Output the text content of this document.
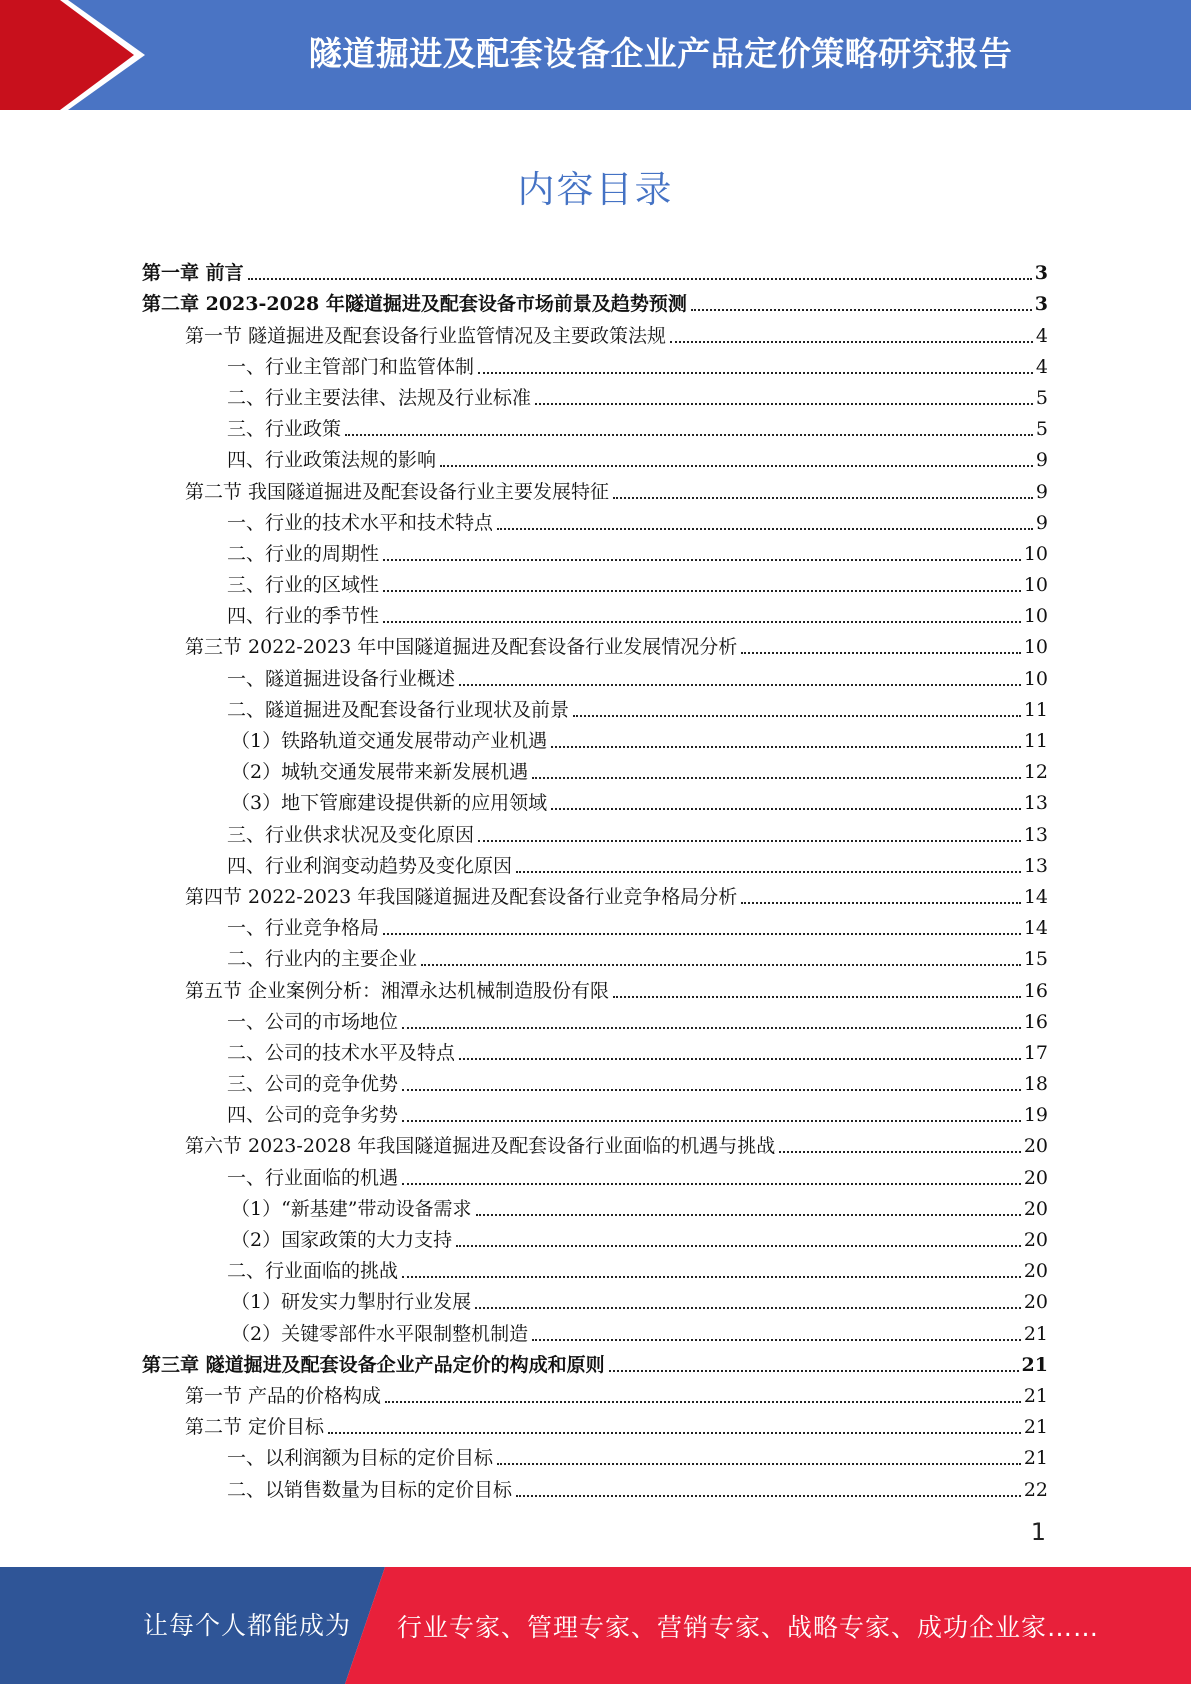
隧道掘进及配套设备企业产品定价策略研究报告
内容目录
第一章 前言	3
第二章 2023-2028 年隧道掘进及配套设备市场前景及趋势预测	3
第一节 隧道掘进及配套设备行业监管情况及主要政策法规	4
一、行业主管部门和监管体制	4
二、行业主要法律、法规及行业标准	5
三、行业政策	5
四、行业政策法规的影响	9
第二节 我国隧道掘进及配套设备行业主要发展特征	9
一、行业的技术水平和技术特点	9
二、行业的周期性	10
三、行业的区域性	10
四、行业的季节性	10
第三节 2022-2023 年中国隧道掘进及配套设备行业发展情况分析	10
一、隧道掘进设备行业概述	10
二、隧道掘进及配套设备行业现状及前景	11
（1）铁路轨道交通发展带动产业机遇	11
（2）城轨交通发展带来新发展机遇	12
（3）地下管廊建设提供新的应用领域	13
三、行业供求状况及变化原因	13
四、行业利润变动趋势及变化原因	13
第四节 2022-2023 年我国隧道掘进及配套设备行业竞争格局分析	14
一、行业竞争格局	14
二、行业内的主要企业	15
第五节 企业案例分析：湘潭永达机械制造股份有限	16
一、公司的市场地位	16
二、公司的技术水平及特点	17
三、公司的竞争优势	18
四、公司的竞争劣势	19
第六节 2023-2028 年我国隧道掘进及配套设备行业面临的机遇与挑战	20
一、行业面临的机遇	20
（1）“新基建”带动设备需求	20
（2）国家政策的大力支持	20
二、行业面临的挑战	20
（1）研发实力掣肘行业发展	20
（2）关键零部件水平限制整机制造	21
第三章 隧道掘进及配套设备企业产品定价的构成和原则	21
第一节 产品的价格构成	21
第二节 定价目标	21
一、以利润额为目标的定价目标	21
二、以销售数量为目标的定价目标	22
1
让每个人都能成为 行业专家、管理专家、营销专家、战略专家、成功企业家……
